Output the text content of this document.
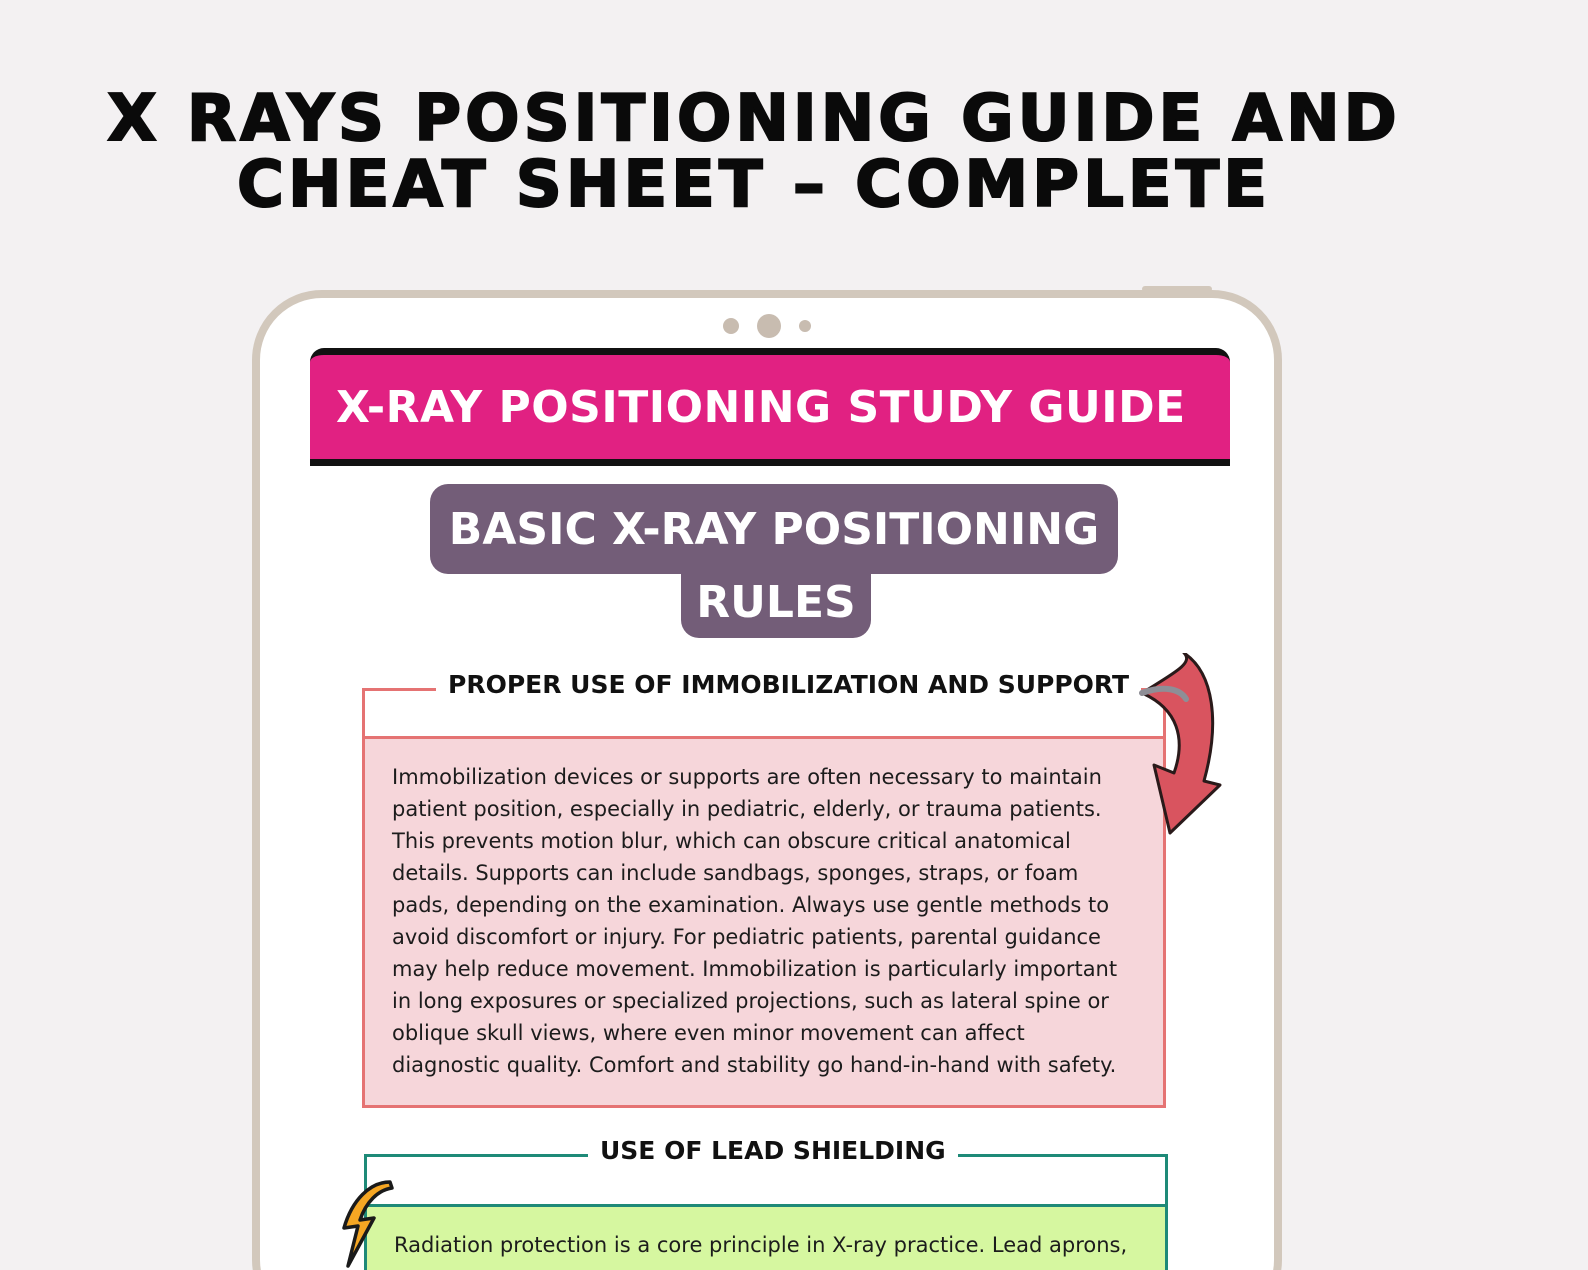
X RAYS POSITIONING GUIDE AND
CHEAT SHEET – COMPLETE
X-RAY POSITIONING STUDY GUIDE
BASIC X-RAY POSITIONING
RULES
PROPER USE OF IMMOBILIZATION AND SUPPORT
Immobilization devices or supports are often necessary to maintain patient position, especially in pediatric, elderly, or trauma patients. This prevents motion blur, which can obscure critical anatomical details. Supports can include sandbags, sponges, straps, or foam pads, depending on the examination. Always use gentle methods to avoid discomfort or injury. For pediatric patients, parental guidance may help reduce movement. Immobilization is particularly important in long exposures or specialized projections, such as lateral spine or oblique skull views, where even minor movement can affect diagnostic quality. Comfort and stability go hand-in-hand with safety.
USE OF LEAD SHIELDING
Radiation protection is a core principle in X-ray practice. Lead aprons,
